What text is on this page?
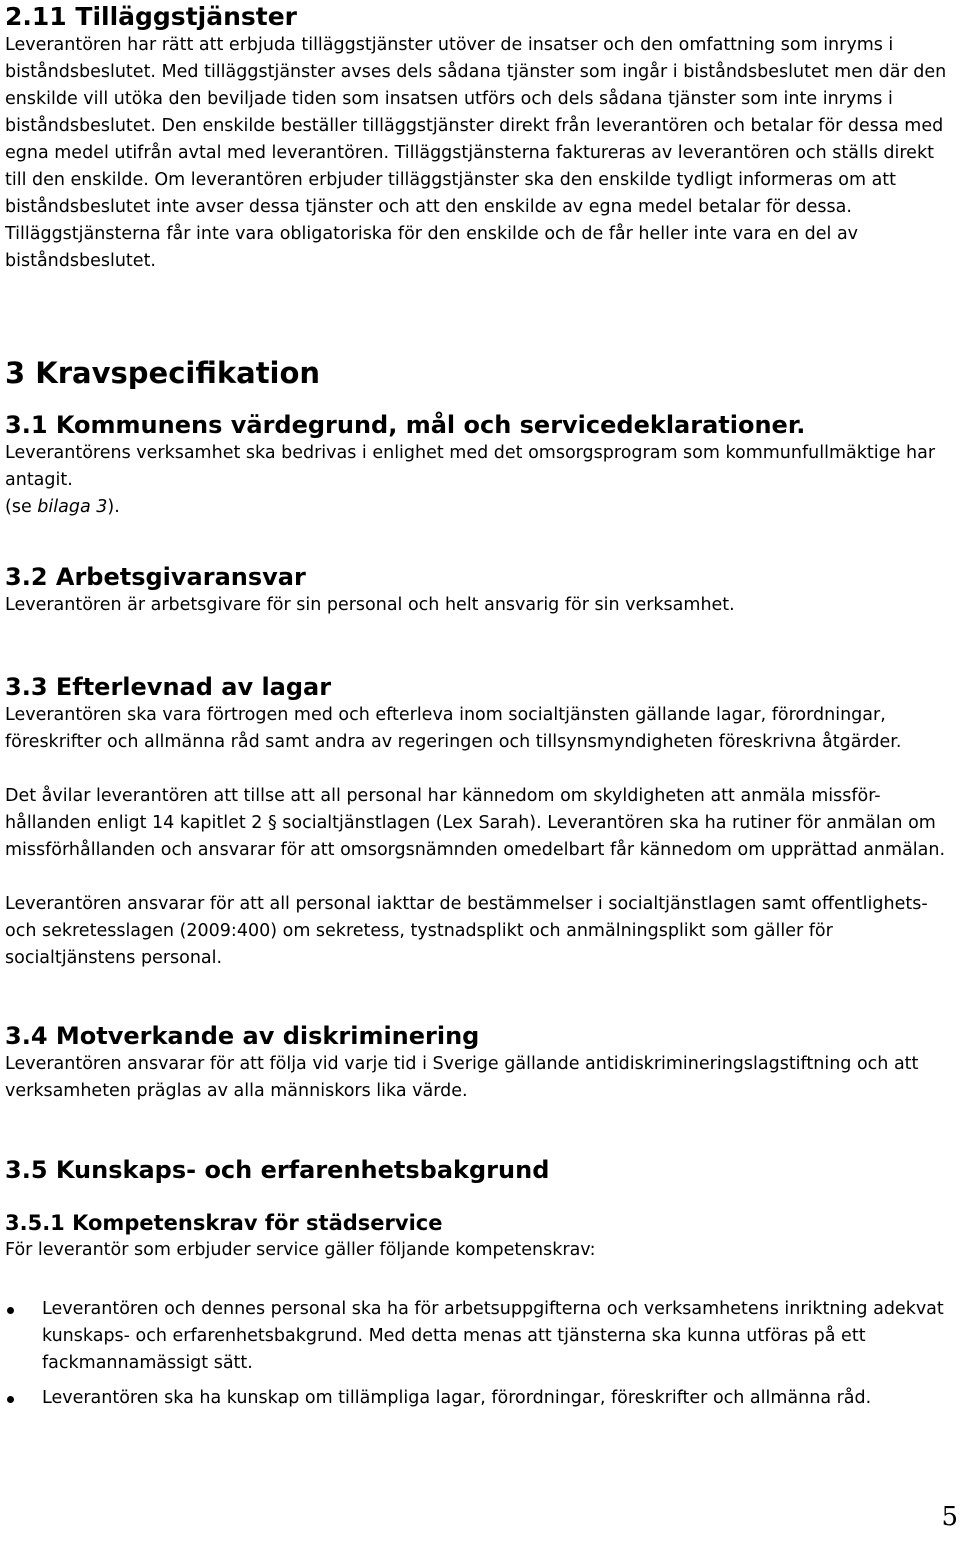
2.11 Tilläggstjänster

Leverantören har rätt att erbjuda tilläggstjänster utöver de insatser och den omfattning som inryms i biståndsbeslutet. Med tilläggstjänster avses dels sådana tjänster som ingår i biståndsbeslutet men där den enskilde vill utöka den beviljade tiden som insatsen utförs och dels sådana tjänster som inte inryms i biståndsbeslutet. Den enskilde beställer tilläggstjänster direkt från leverantören och betalar för dessa med egna medel utifrån avtal med leverantören. Tilläggstjänsterna faktureras av leverantören och ställs direkt till den enskilde. Om leverantören erbjuder tilläggstjänster ska den enskilde tydligt informeras om att biståndsbeslutet inte avser dessa tjänster och att den enskilde av egna medel betalar för dessa. Tilläggstjänsterna får inte vara obligatoriska för den enskilde och de får heller inte vara en del av biståndsbeslutet.

3 Kravspecifikation
3.1 Kommunens värdegrund, mål och servicedeklarationer.

Leverantörens verksamhet ska bedrivas i enlighet med det omsorgsprogram som kommunfullmäktige har antagit.

(se bilaga 3).

3.2 Arbetsgivaransvar

Leverantören är arbetsgivare för sin personal och helt ansvarig för sin verksamhet.

3.3 Efterlevnad av lagar

Leverantören ska vara förtrogen med och efterleva inom socialtjänsten gällande lagar, förordningar, föreskrifter och allmänna råd samt andra av regeringen och tillsynsmyndigheten föreskrivna åtgärder.

Det åvilar leverantören att tillse att all personal har kännedom om skyldigheten att anmäla missför-hållanden enligt 14 kapitlet 2 § socialtjänstlagen (Lex Sarah). Leverantören ska ha rutiner för anmälan om missförhållanden och ansvarar för att omsorgsnämnden omedelbart får kännedom om upprättad anmälan.

Leverantören ansvarar för att all personal iakttar de bestämmelser i socialtjänstlagen samt offentlighets- och sekretesslagen (2009:400) om sekretess, tystnadsplikt och anmälningsplikt som gäller för socialtjänstens personal.

3.4 Motverkande av diskriminering

Leverantören ansvarar för att följa vid varje tid i Sverige gällande antidiskrimineringslagstiftning och att verksamheten präglas av alla människors lika värde.

3.5 Kunskaps- och erfarenhetsbakgrund
3.5.1 Kompetenskrav för städservice

För leverantör som erbjuder service gäller följande kompetenskrav:

Leverantören och dennes personal ska ha för arbetsuppgifterna och verksamhetens inriktning adekvat kunskaps- och erfarenhetsbakgrund. Med detta menas att tjänsterna ska kunna utföras på ett fackmannamässigt sätt.
Leverantören ska ha kunskap om tillämpliga lagar, förordningar, föreskrifter och allmänna råd.
5
